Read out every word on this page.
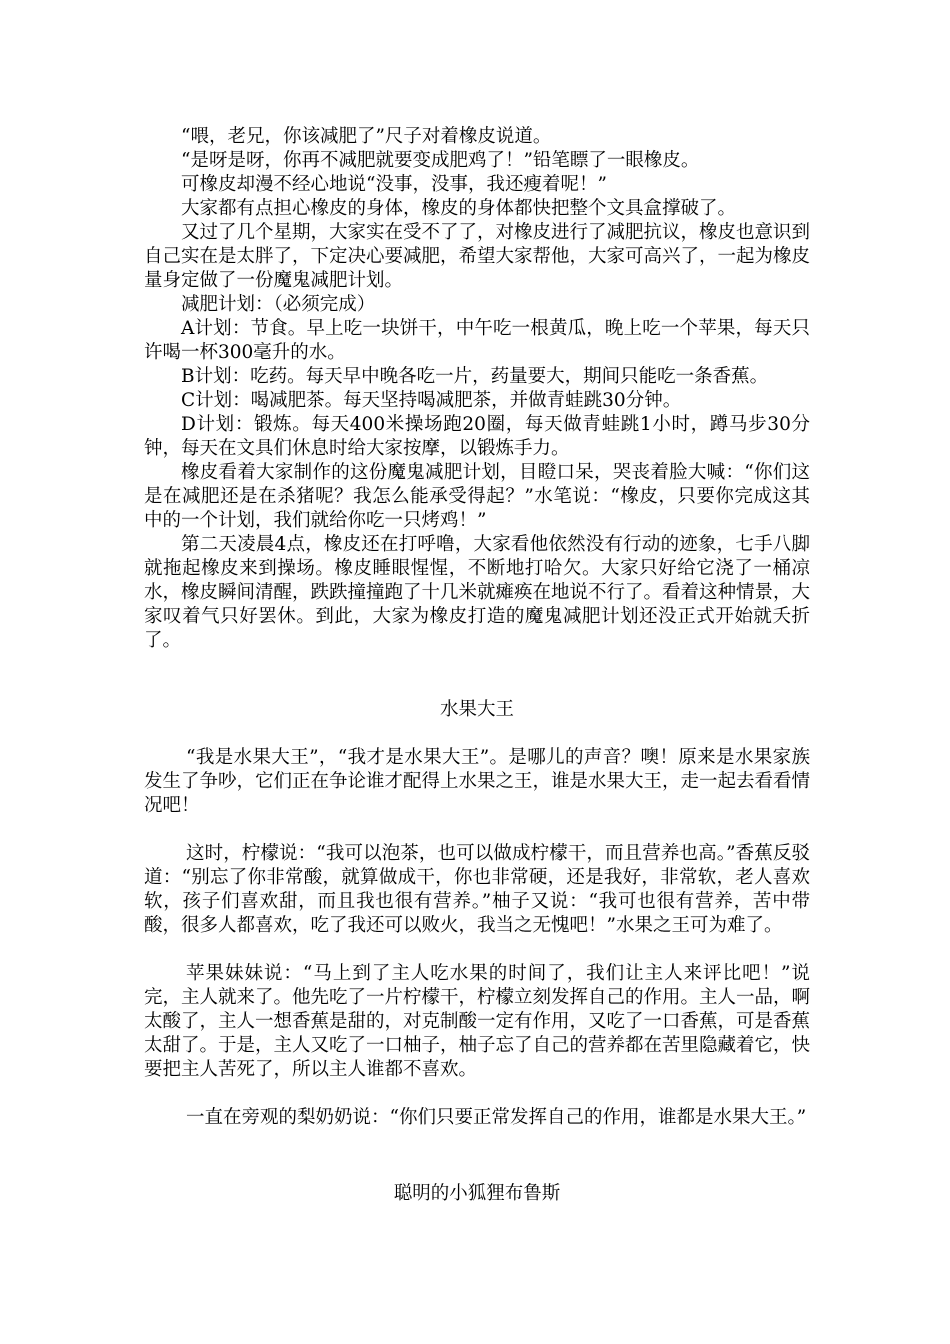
“喂，老兄，你该减肥了”尺子对着橡皮说道。

“是呀是呀，你再不减肥就要变成肥鸡了！”铅笔瞟了一眼橡皮。

可橡皮却漫不经心地说“没事，没事，我还瘦着呢！”

大家都有点担心橡皮的身体，橡皮的身体都快把整个文具盒撑破了。

又过了几个星期，大家实在受不了了，对橡皮进行了减肥抗议，橡皮也意识到自己实在是太胖了，下定决心要减肥，希望大家帮他，大家可高兴了，一起为橡皮量身定做了一份魔鬼减肥计划。

减肥计划：（必须完成）

A计划：节食。早上吃一块饼干，中午吃一根黄瓜，晚上吃一个苹果，每天只许喝一杯300毫升的水。

B计划：吃药。每天早中晚各吃一片，药量要大，期间只能吃一条香蕉。

C计划：喝减肥茶。每天坚持喝减肥茶，并做青蛙跳30分钟。

D计划：锻炼。每天400米操场跑20圈，每天做青蛙跳1小时，蹲马步30分钟，每天在文具们休息时给大家按摩，以锻炼手力。

橡皮看着大家制作的这份魔鬼减肥计划，目瞪口呆，哭丧着脸大喊：“你们这是在减肥还是在杀猪呢？我怎么能承受得起？”水笔说：“橡皮，只要你完成这其中的一个计划，我们就给你吃一只烤鸡！”

第二天凌晨4点，橡皮还在打呼噜，大家看他依然没有行动的迹象，七手八脚就拖起橡皮来到操场。橡皮睡眼惺惺，不断地打哈欠。大家只好给它浇了一桶凉水，橡皮瞬间清醒，跌跌撞撞跑了十几米就瘫痪在地说不行了。看着这种情景，大家叹着气只好罢休。到此，大家为橡皮打造的魔鬼减肥计划还没正式开始就夭折了。

水果大王

“我是水果大王”，“我才是水果大王”。是哪儿的声音？噢！原来是水果家族发生了争吵，它们正在争论谁才配得上水果之王，谁是水果大王，走一起去看看情况吧！

这时，柠檬说：“我可以泡茶，也可以做成柠檬干，而且营养也高。”香蕉反驳道：“别忘了你非常酸，就算做成干，你也非常硬，还是我好，非常软，老人喜欢软，孩子们喜欢甜，而且我也很有营养。”柚子又说：“我可也很有营养，苦中带酸，很多人都喜欢，吃了我还可以败火，我当之无愧吧！”水果之王可为难了。

苹果妹妹说：“马上到了主人吃水果的时间了，我们让主人来评比吧！”说完，主人就来了。他先吃了一片柠檬干，柠檬立刻发挥自己的作用。主人一品，啊太酸了，主人一想香蕉是甜的，对克制酸一定有作用，又吃了一口香蕉，可是香蕉太甜了。于是，主人又吃了一口柚子，柚子忘了自己的营养都在苦里隐藏着它，快要把主人苦死了，所以主人谁都不喜欢。

一直在旁观的梨奶奶说：“你们只要正常发挥自己的作用，谁都是水果大王。”

聪明的小狐狸布鲁斯
